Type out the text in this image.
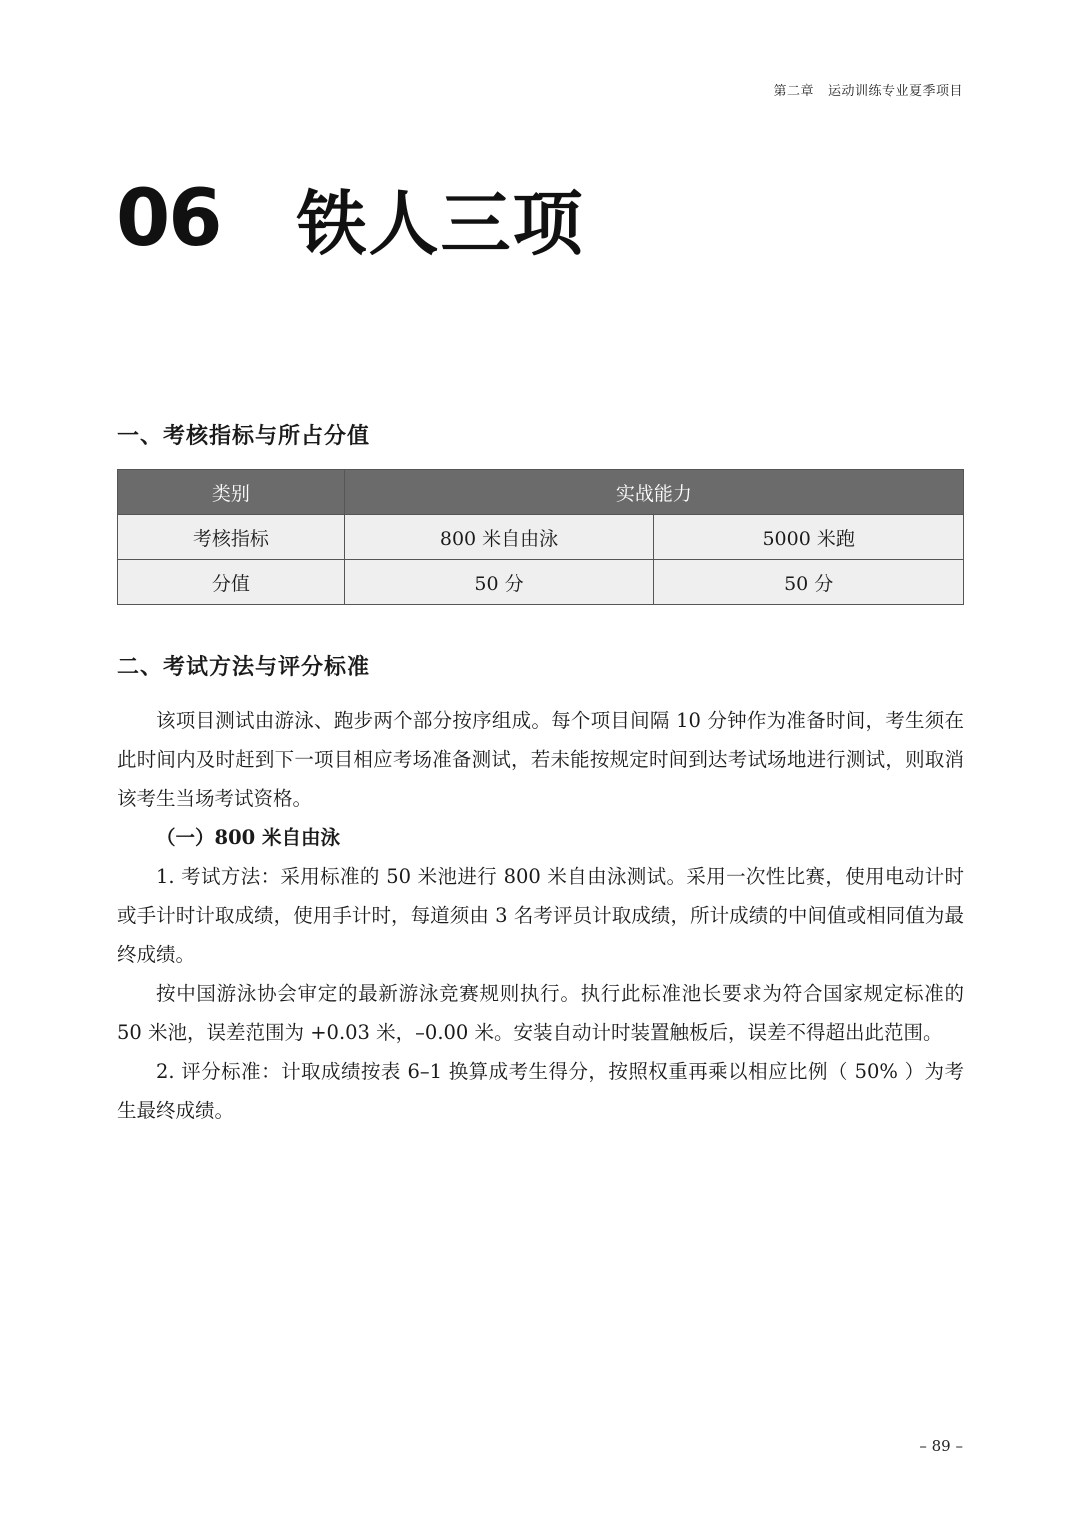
第二章 运动训练专业夏季项目
06 铁人三项
一、考核指标与所占分值
类别	实战能力	
考核指标	800 米自由泳	5000 米跑
分值	50 分	50 分
二、考试方法与评分标准

该项目测试由游泳、跑步两个部分按序组成。每个项目间隔 10 分钟作为准备时间，考生须在此时间内及时赶到下一项目相应考场准备测试，若未能按规定时间到达考试场地进行测试，则取消该考生当场考试资格。

（一）800 米自由泳

1. 考试方法：采用标准的 50 米池进行 800 米自由泳测试。采用一次性比赛，使用电动计时或手计时计取成绩，使用手计时，每道须由 3 名考评员计取成绩，所计成绩的中间值或相同值为最终成绩。

按中国游泳协会审定的最新游泳竞赛规则执行。执行此标准池长要求为符合国家规定标准的 50 米池，误差范围为 +0.03 米，–0.00 米。安装自动计时装置触板后，误差不得超出此范围。

2. 评分标准：计取成绩按表 6–1 换算成考生得分，按照权重再乘以相应比例（ 50% ）为考生最终成绩。

– 89 –
